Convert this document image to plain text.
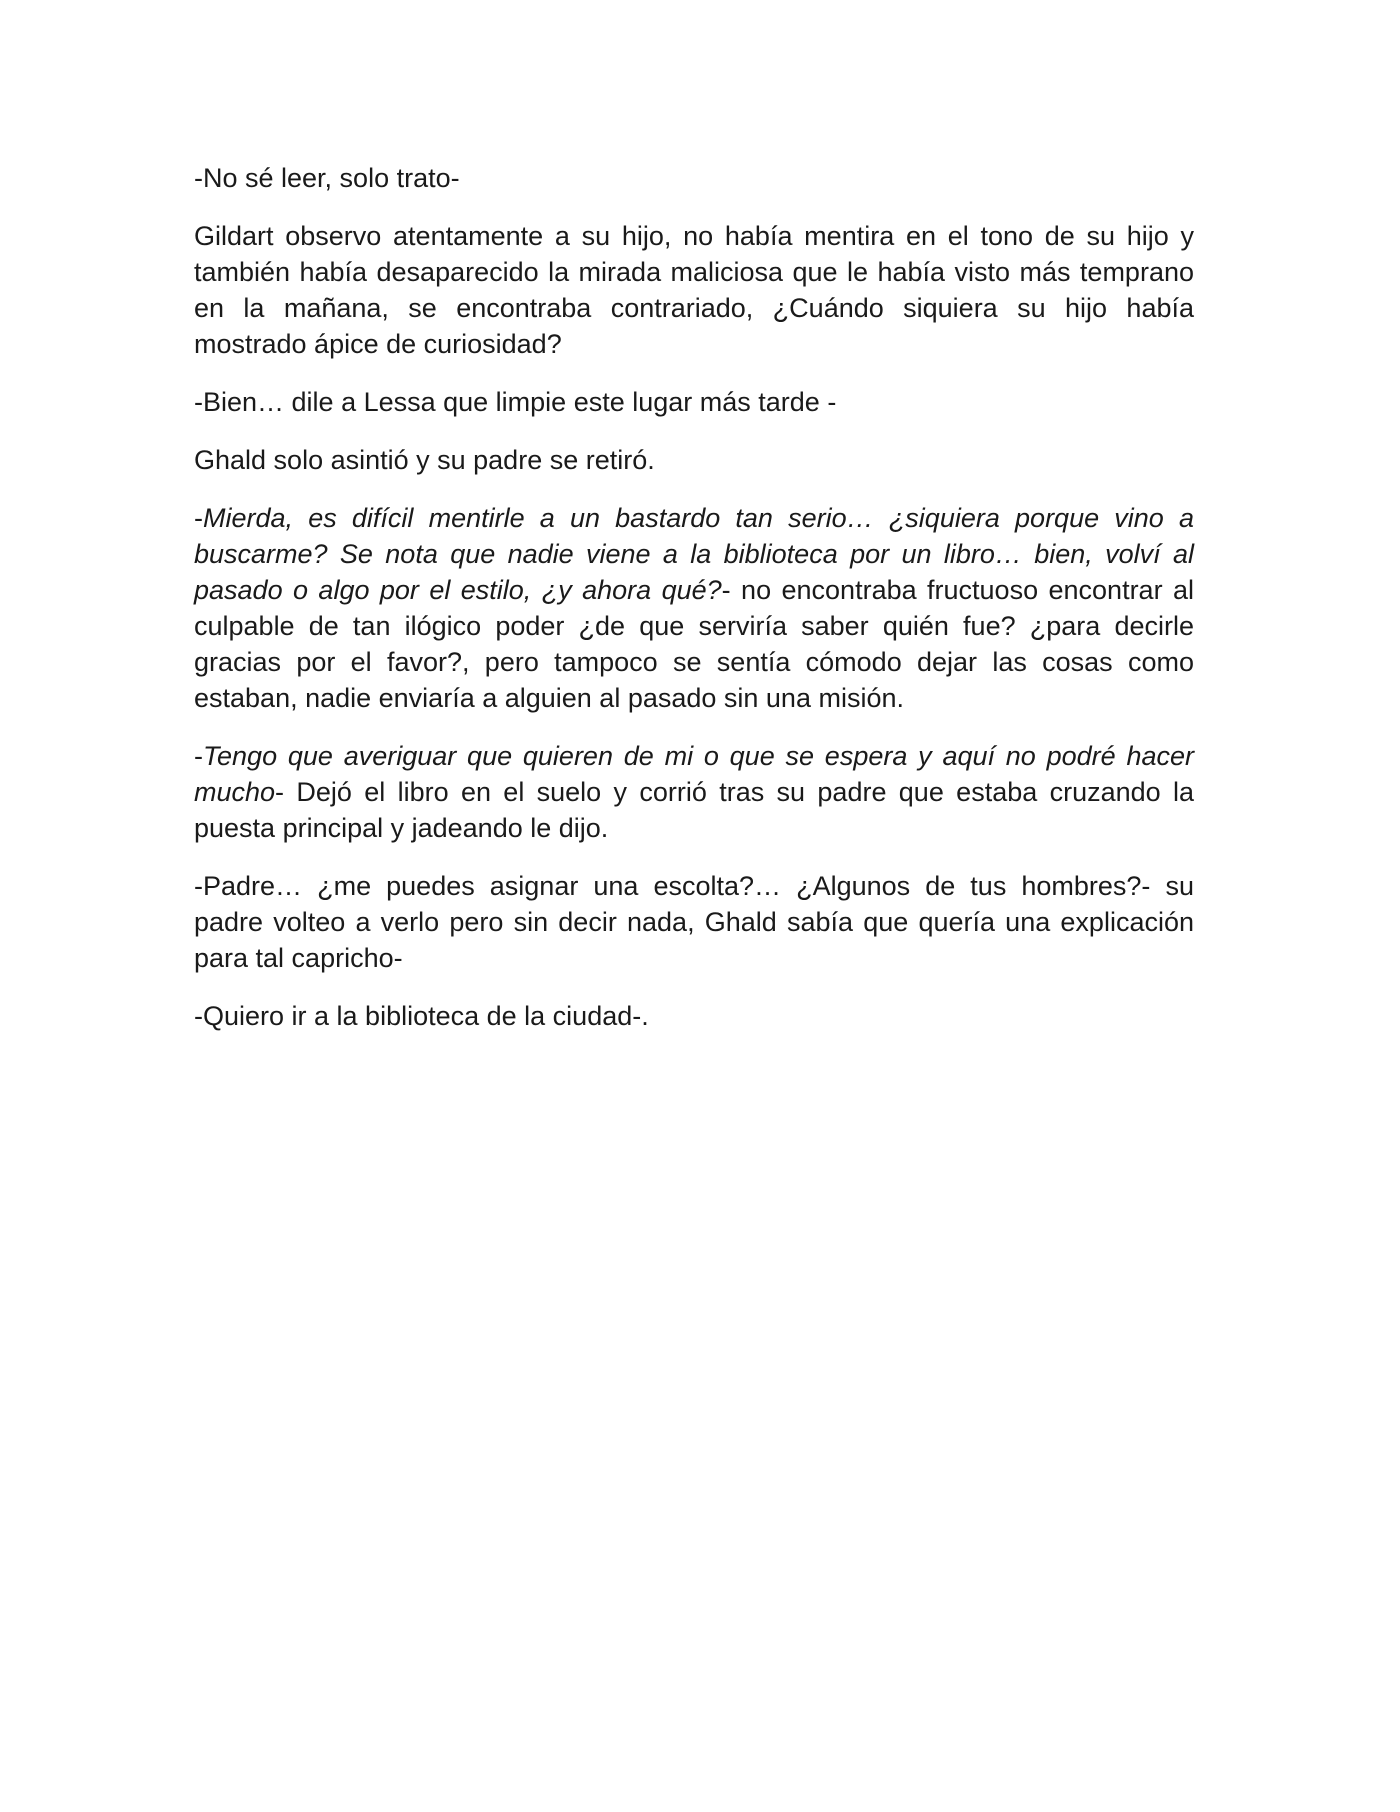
-No sé leer, solo trato-

Gildart observo atentamente a su hijo, no había mentira en el tono de su hijo y también había desaparecido la mirada maliciosa que le había visto más temprano en la mañana, se encontraba contrariado, ¿Cuándo siquiera su hijo había mostrado ápice de curiosidad?

-Bien… dile a Lessa que limpie este lugar más tarde -

Ghald solo asintió y su padre se retiró.

-Mierda, es difícil mentirle a un bastardo tan serio… ¿siquiera porque vino a buscarme? Se nota que nadie viene a la biblioteca por un libro… bien, volví al pasado o algo por el estilo, ¿y ahora qué?- no encontraba fructuoso encontrar al culpable de tan ilógico poder ¿de que serviría saber quién fue? ¿para decirle gracias por el favor?, pero tampoco se sentía cómodo dejar las cosas como estaban, nadie enviaría a alguien al pasado sin una misión.

-Tengo que averiguar que quieren de mi o que se espera y aquí no podré hacer mucho- Dejó el libro en el suelo y corrió tras su padre que estaba cruzando la puesta principal y jadeando le dijo.

-Padre… ¿me puedes asignar una escolta?… ¿Algunos de tus hombres?- su padre volteo a verlo pero sin decir nada, Ghald sabía que quería una explicación para tal capricho-

-Quiero ir a la biblioteca de la ciudad-.
